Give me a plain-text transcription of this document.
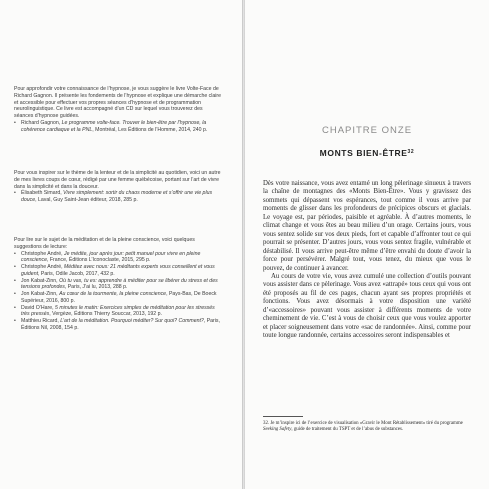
Pour approfondir votre connaissance de l’hypnose, je vous suggère le livre Volte-Face de Richard Gagnon. Il présente les fondements de l’hypnose et explique une démarche claire et accessible pour effectuer vos propres séances d’hypnose et de programmation neurolinguistique. Ce livre est accompagné d’un CD sur lequel vous trouverez des séances d’hypnose guidées.

• Richard Gagnon, Le programme volte-face. Trouver le bien-être par l’hypnose, la cohérence cardiaque et la PNL, Montréal, Les Éditions de l’Homme, 2014, 240 p.

Pour vous inspirer sur le thème de la lenteur et de la simplicité au quotidien, voici un autre de mes livres coups de cœur, rédigé par une femme québécoise, portant sur l’art de vivre dans la simplicité et dans la douceur.

• Élisabeth Simard, Vivre simplement: sortir du chaos moderne et s’offrir une vie plus douce, Laval, Guy Saint-Jean éditeur, 2018, 285 p.

Pour lire sur le sujet de la méditation et de la pleine conscience, voici quelques suggestions de lecture:

• Christophe André, Je médite, jour après jour: petit manuel pour vivre en pleine conscience, France, Éditions L’Iconoclaste, 2015, 295 p.
• Christophe André, Méditez avec nous: 21 méditants experts vous conseillent et vous guident, Paris, Odile Jacob, 2017, 432 p.
• Jon Kabat-Zinn, Où tu vas, tu es: apprendre à méditer pour se libérer du stress et des tensions profondes, Paris, J’ai lu, 2013, 288 p.
• Jon Kabat-Zinn, Au cœur de la tourmente, la pleine conscience, Pays-Bas, De Boeck Supérieur, 2016, 800 p.
• David O’Hare, 5 minutes le matin: Exercices simples de méditation pour les stressés très pressés, Vergèze, Éditions Thierry Souccar, 2013, 192 p.
• Matthieu Ricard, L’art de la méditation. Pourquoi méditer? Sur quoi? Comment?, Paris, Éditions Nil, 2008, 154 p.
CHAPITRE ONZE
MONTS BIEN-ÊTRE$^{32}$

Dès votre naissance, vous avez entamé un long pèlerinage sinueux à travers la chaîne de montagnes des «Monts Bien-Être». Vous y gravissez des sommets qui dépassent vos espérances, tout comme il vous arrive par moments de glisser dans les profondeurs de précipices obscurs et glacials. Le voyage est, par périodes, paisible et agréable. À d’autres moments, le climat change et vous êtes au beau milieu d’un orage. Certains jours, vous vous sentez solide sur vos deux pieds, fort et capable d’affronter tout ce qui pourrait se présenter. D’autres jours, vous vous sentez fragile, vulnérable et déstabilisé. Il vous arrive peut-être même d’être envahi du doute d’avoir la force pour persévérer. Malgré tout, vous tenez, du mieux que vous le pouvez, de continuer à avancer.

Au cours de votre vie, vous avez cumulé une collection d’outils pouvant vous assister dans ce pèlerinage. Vous avez «attrapé» tous ceux qui vous ont été proposés au fil de ces pages, chacun ayant ses propres propriétés et fonctions. Vous avez désormais à votre disposition une variété d’«accessoires» pouvant vous assister à différents moments de votre cheminement de vie. C’est à vous de choisir ceux que vous voulez apporter et placer soigneusement dans votre «sac de randonnée». Ainsi, comme pour toute longue randonnée, certains accessoires seront indispensables et

32. Je m’inspire ici de l’exercice de visualisation «Gravir le Mont Rétablissement» tiré du programme Seeking Safety, guide de traitement du TSPT et de l’abus de substances.
